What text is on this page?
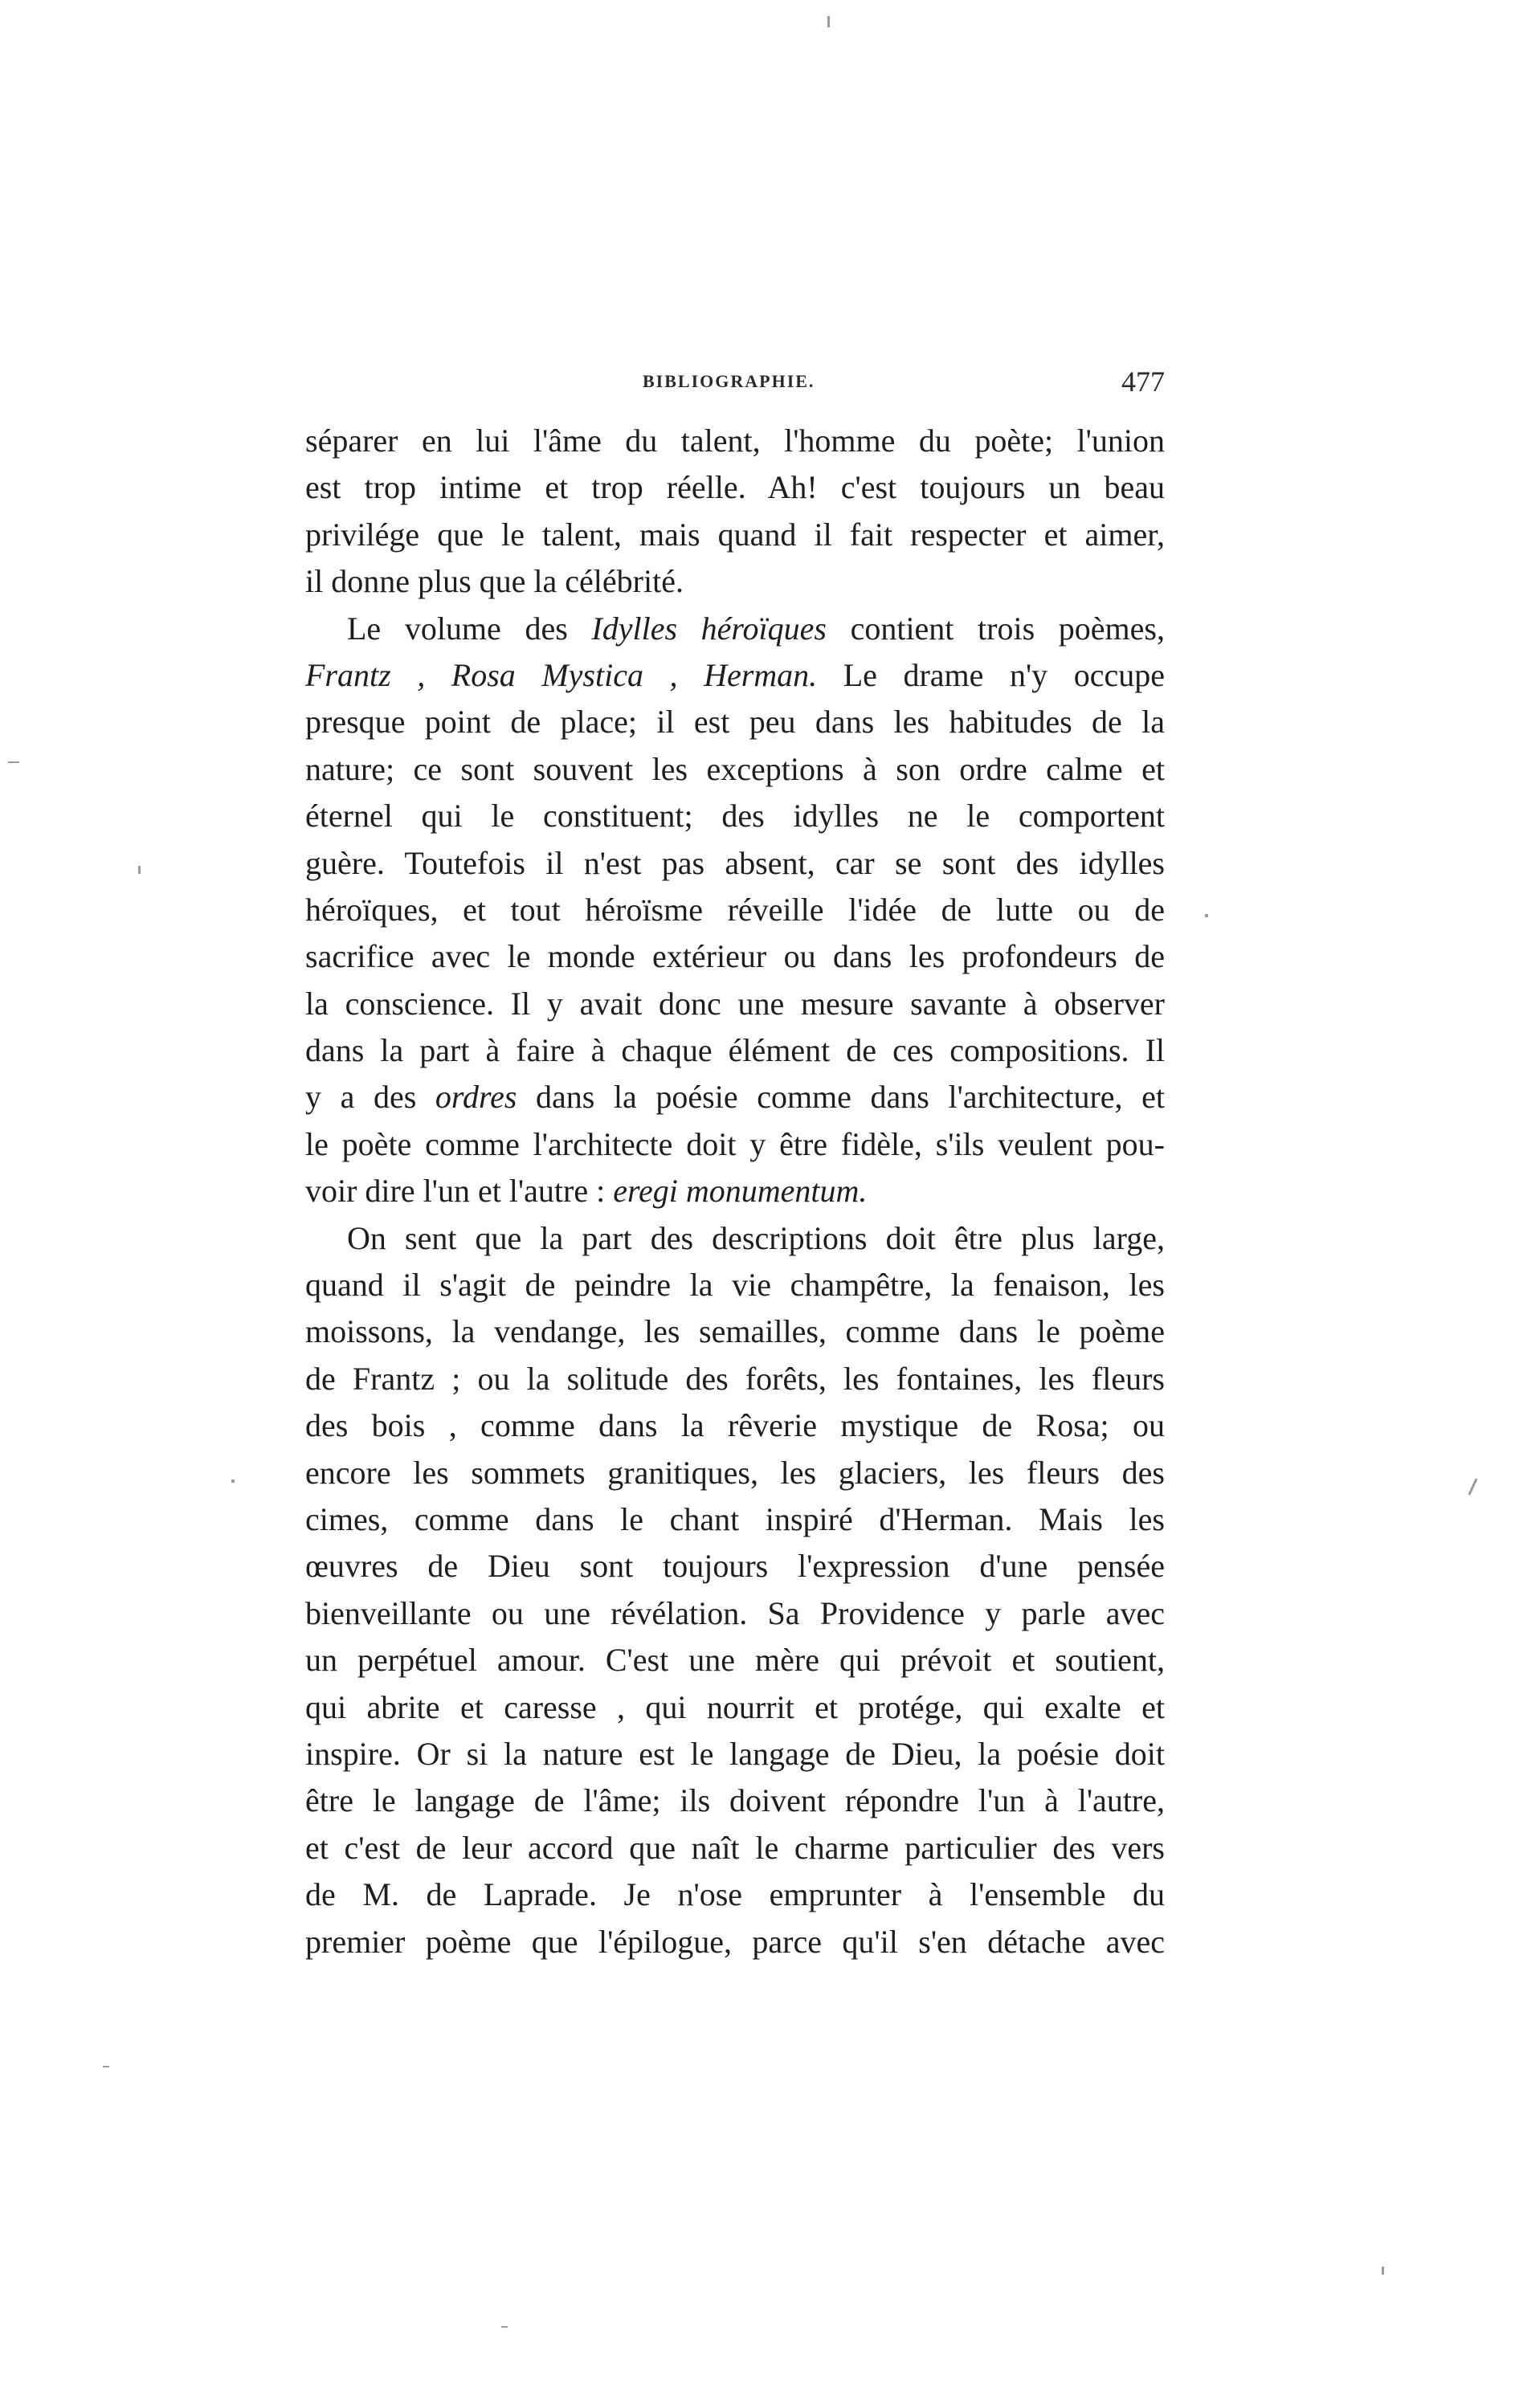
BIBLIOGRAPHIE.	477
séparer en lui l'âme du talent, l'homme du poète; l'union
est trop intime et trop réelle. Ah! c'est toujours un beau
privilége que le talent, mais quand il fait respecter et aimer,
il donne plus que la célébrité.
Le volume des Idylles héroïques contient trois poèmes,
Frantz , Rosa Mystica , Herman. Le drame n'y occupe
presque point de place; il est peu dans les habitudes de la
nature; ce sont souvent les exceptions à son ordre calme et
éternel qui le constituent; des idylles ne le comportent
guère. Toutefois il n'est pas absent, car se sont des idylles
héroïques, et tout héroïsme réveille l'idée de lutte ou de
sacrifice avec le monde extérieur ou dans les profondeurs de
la conscience. Il y avait donc une mesure savante à observer
dans la part à faire à chaque élément de ces compositions. Il
y a des ordres dans la poésie comme dans l'architecture, et
le poète comme l'architecte doit y être fidèle, s'ils veulent pou-
voir dire l'un et l'autre : eregi monumentum.
On sent que la part des descriptions doit être plus large,
quand il s'agit de peindre la vie champêtre, la fenaison, les
moissons, la vendange, les semailles, comme dans le poème
de Frantz ; ou la solitude des forêts, les fontaines, les fleurs
des bois , comme dans la rêverie mystique de Rosa; ou
encore les sommets granitiques, les glaciers, les fleurs des
cimes, comme dans le chant inspiré d'Herman. Mais les
œuvres de Dieu sont toujours l'expression d'une pensée
bienveillante ou une révélation. Sa Providence y parle avec
un perpétuel amour. C'est une mère qui prévoit et soutient,
qui abrite et caresse , qui nourrit et protége, qui exalte et
inspire. Or si la nature est le langage de Dieu, la poésie doit
être le langage de l'âme; ils doivent répondre l'un à l'autre,
et c'est de leur accord que naît le charme particulier des vers
de M. de Laprade. Je n'ose emprunter à l'ensemble du
premier poème que l'épilogue, parce qu'il s'en détache avec
